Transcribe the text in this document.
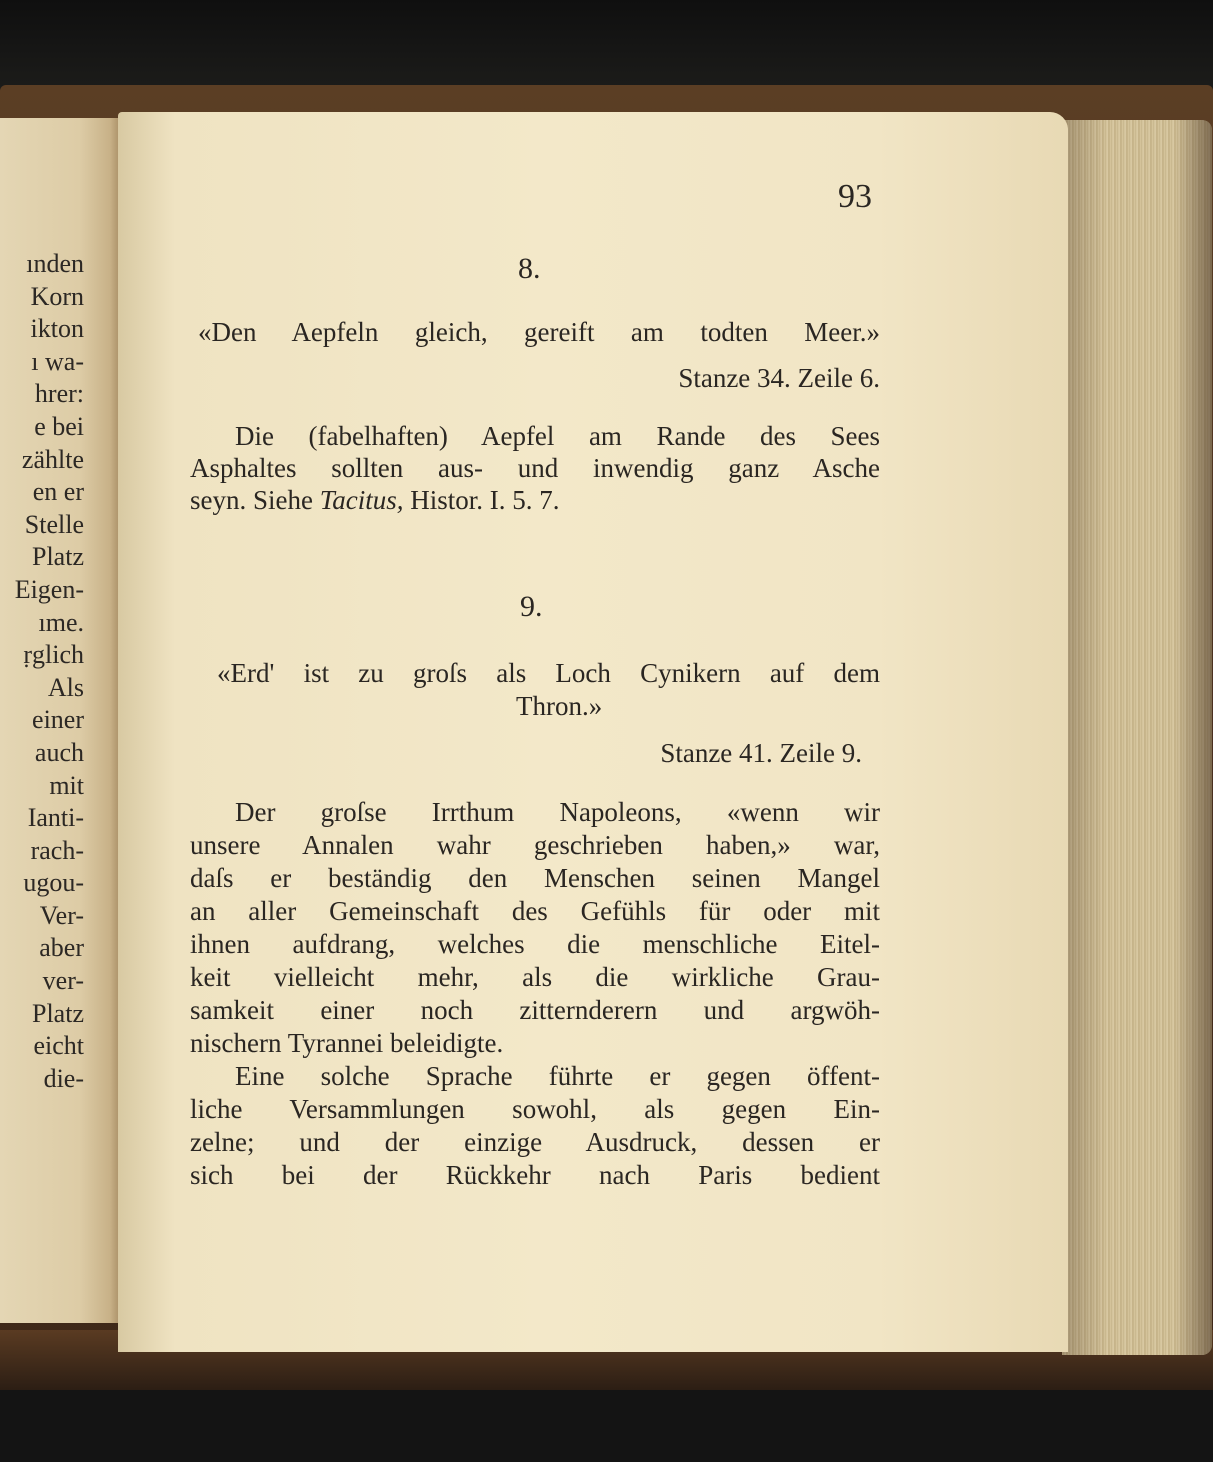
ınden
Korn
ikton
ı wa-
hrer:
e bei
zählte
en er
Stelle
Platz
Eigen-
ıme.
ṛglich
Als
einer
auch
mit
Ianti-
rach-
ugou-
Ver-
aber
ver-
Platz
eicht
die-
93
8.
«Den Aepfeln gleich, gereift am todten Meer.»
Stanze 34. Zeile 6.
Die (fabelhaften) Aepfel am Rande des Sees
Asphaltes sollten aus- und inwendig ganz Asche
seyn. Siehe Tacitus, Histor. I. 5. 7.
9.
«Erd' ist zu groſs als Loch Cynikern auf dem
Thron.»
Stanze 41. Zeile 9.
Der groſse Irrthum Napoleons, «wenn wir
unsere Annalen wahr geschrieben haben,» war,
daſs er beständig den Menschen seinen Mangel
an aller Gemeinschaft des Gefühls für oder mit
ihnen aufdrang, welches die menschliche Eitel-
keit vielleicht mehr, als die wirkliche Grau-
samkeit einer noch zitternderern und argwöh-
nischern Tyrannei beleidigte.
Eine solche Sprache führte er gegen öffent-
liche Versammlungen sowohl, als gegen Ein-
zelne; und der einzige Ausdruck, dessen er
sich bei der Rückkehr nach Paris bedient
